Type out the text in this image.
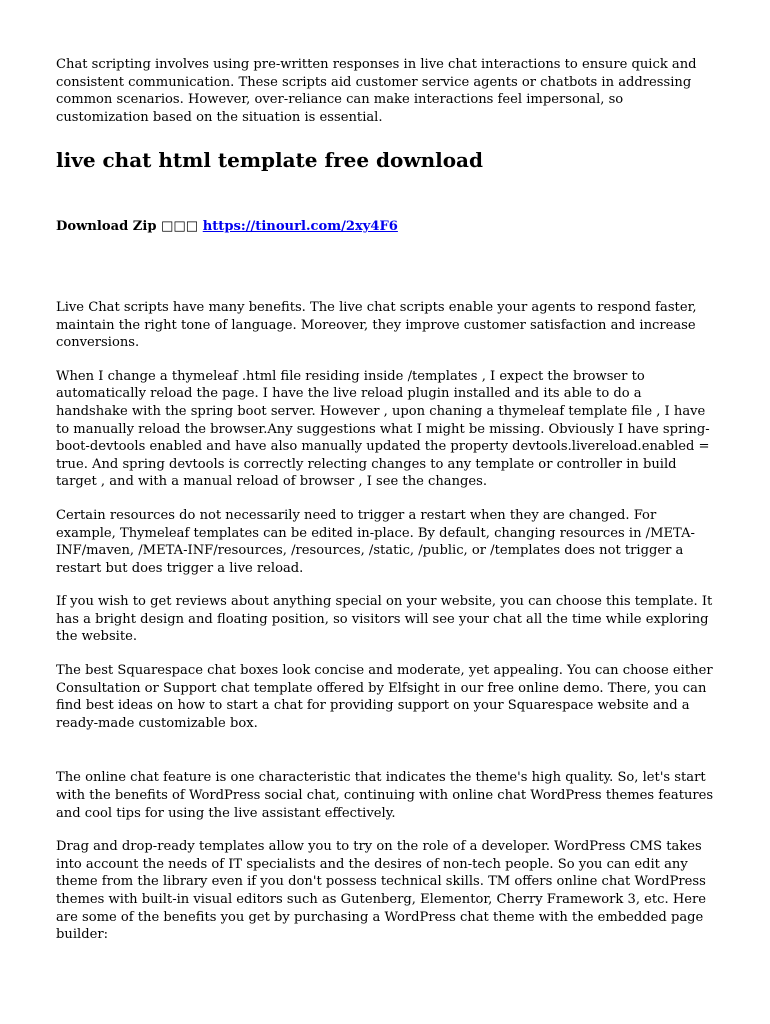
Chat scripting involves using pre-written responses in live chat interactions to ensure quick and consistent communication. These scripts aid customer service agents or chatbots in addressing common scenarios. However, over-reliance can make interactions feel impersonal, so customization based on the situation is essential.

live chat html template free download

Download Zip □□□ https://tinourl.com/2xy4F6

Live Chat scripts have many benefits. The live chat scripts enable your agents to respond faster, maintain the right tone of language. Moreover, they improve customer satisfaction and increase conversions.

When I change a thymeleaf .html file residing inside /templates , I expect the browser to automatically reload the page. I have the live reload plugin installed and its able to do a handshake with the spring boot server. However , upon chaning a thymeleaf template file , I have to manually reload the browser.Any suggestions what I might be missing. Obviously I have spring-boot-devtools enabled and have also manually updated the property devtools.livereload.enabled = true. And spring devtools is correctly relecting changes to any template or controller in build target , and with a manual reload of browser , I see the changes.

Certain resources do not necessarily need to trigger a restart when they are changed. For example, Thymeleaf templates can be edited in-place. By default, changing resources in /META-INF/maven, /META-INF/resources, /resources, /static, /public, or /templates does not trigger a restart but does trigger a live reload.

If you wish to get reviews about anything special on your website, you can choose this template. It has a bright design and floating position, so visitors will see your chat all the time while exploring the website.

The best Squarespace chat boxes look concise and moderate, yet appealing. You can choose either Consultation or Support chat template offered by Elfsight in our free online demo. There, you can find best ideas on how to start a chat for providing support on your Squarespace website and a ready-made customizable box.

The online chat feature is one characteristic that indicates the theme's high quality. So, let's start with the benefits of WordPress social chat, continuing with online chat WordPress themes features and cool tips for using the live assistant effectively.

Drag and drop-ready templates allow you to try on the role of a developer. WordPress CMS takes into account the needs of IT specialists and the desires of non-tech people. So you can edit any theme from the library even if you don't possess technical skills. TM offers online chat WordPress themes with built-in visual editors such as Gutenberg, Elementor, Cherry Framework 3, etc. Here are some of the benefits you get by purchasing a WordPress chat theme with the embedded page builder:
